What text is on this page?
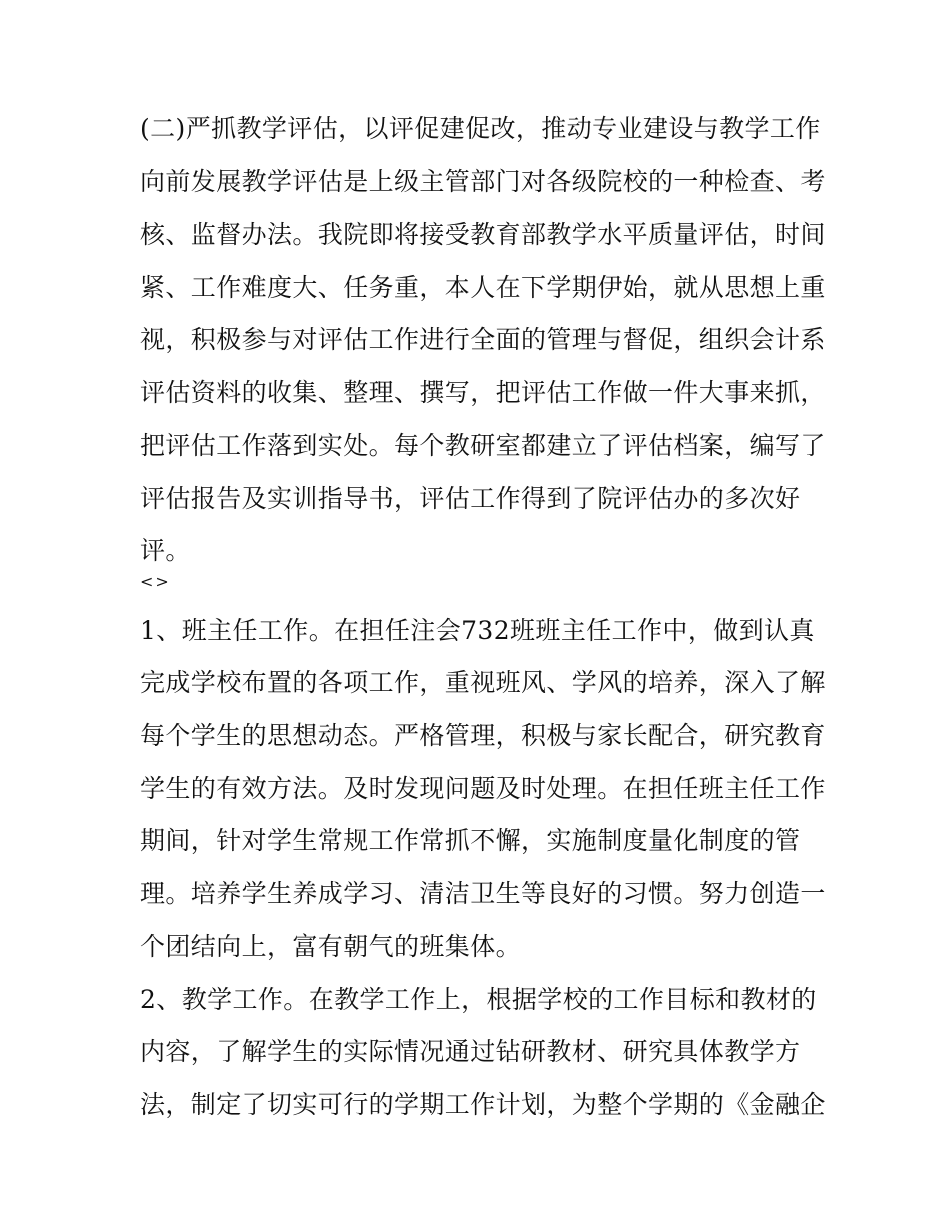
(二)严抓教学评估，以评促建促改，推动专业建设与教学工作
向前发展教学评估是上级主管部门对各级院校的一种检查、考
核、监督办法。我院即将接受教育部教学水平质量评估，时间
紧、工作难度大、任务重，本人在下学期伊始，就从思想上重
视，积极参与对评估工作进行全面的管理与督促，组织会计系
评估资料的收集、整理、撰写，把评估工作做一件大事来抓，
把评估工作落到实处。每个教研室都建立了评估档案，编写了
评估报告及实训指导书，评估工作得到了院评估办的多次好
评。
<>
1、班主任工作。在担任注会732班班主任工作中，做到认真
完成学校布置的各项工作，重视班风、学风的培养，深入了解
每个学生的思想动态。严格管理，积极与家长配合，研究教育
学生的有效方法。及时发现问题及时处理。在担任班主任工作
期间，针对学生常规工作常抓不懈，实施制度量化制度的管
理。培养学生养成学习、清洁卫生等良好的习惯。努力创造一
个团结向上，富有朝气的班集体。
2、教学工作。在教学工作上，根据学校的工作目标和教材的
内容，了解学生的实际情况通过钻研教材、研究具体教学方
法，制定了切实可行的学期工作计划，为整个学期的《金融企
